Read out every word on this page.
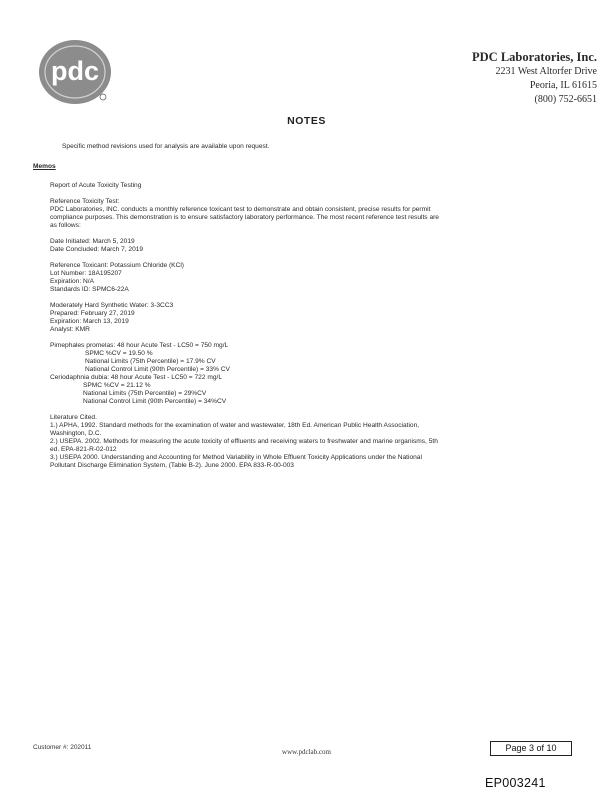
pdc	PDC Laboratories, Inc.
2231 West Altorfer Drive
Peoria, IL 61615
(800) 752-6651
NOTES
Specific method revisions used for analysis are available upon request.
Memos
Report of Acute Toxicity Testing
Reference Toxicity Test:
PDC Laboratories, INC. conducts a monthly reference toxicant test to demonstrate and obtain consistent, precise results for permit
compliance purposes. This demonstration is to ensure satisfactory laboratory performance. The most recent reference test results are
as follows:
Date Initiated: March 5, 2019
Date Concluded: March 7, 2019
Reference Toxicant: Potassium Chloride (KCl)
Lot Number: 18A195207
Expiration: N/A
Standards ID: SPMC6-22A
Moderately Hard Synthetic Water: 3-3CC3
Prepared: February 27, 2019
Expiration: March 13, 2019
Analyst: KMR
Pimephales promelas: 48 hour Acute Test - LC50 = 750 mg/L
SPMC %CV = 19.50 %
National Limits (75th Percentile) = 17.9% CV
National Control Limit (90th Percentile) = 33% CV
Ceriodaphnia dubia: 48 hour Acute Test - LC50 = 722 mg/L
SPMC %CV = 21.12 %
National Limits (75th Percentile) = 29%CV
National Control Limit (90th Percentile) = 34%CV
Literature Cited.
1.) APHA, 1992. Standard methods for the examination of water and wastewater, 18th Ed. American Public Health Association,
Washington, D.C.
2.) USEPA. 2002. Methods for measuring the acute toxicity of effluents and receiving waters to freshwater and marine organisms, 5th
ed. EPA-821-R-02-012
3.) USEPA 2000. Understanding and Accounting for Method Variability in Whole Effluent Toxicity Applications under the National
Pollutant Discharge Elimination System, (Table B-2). June 2000. EPA 833-R-00-003
Customer #: 202011
www.pdclab.com	Page 3 of 10
EP003241
